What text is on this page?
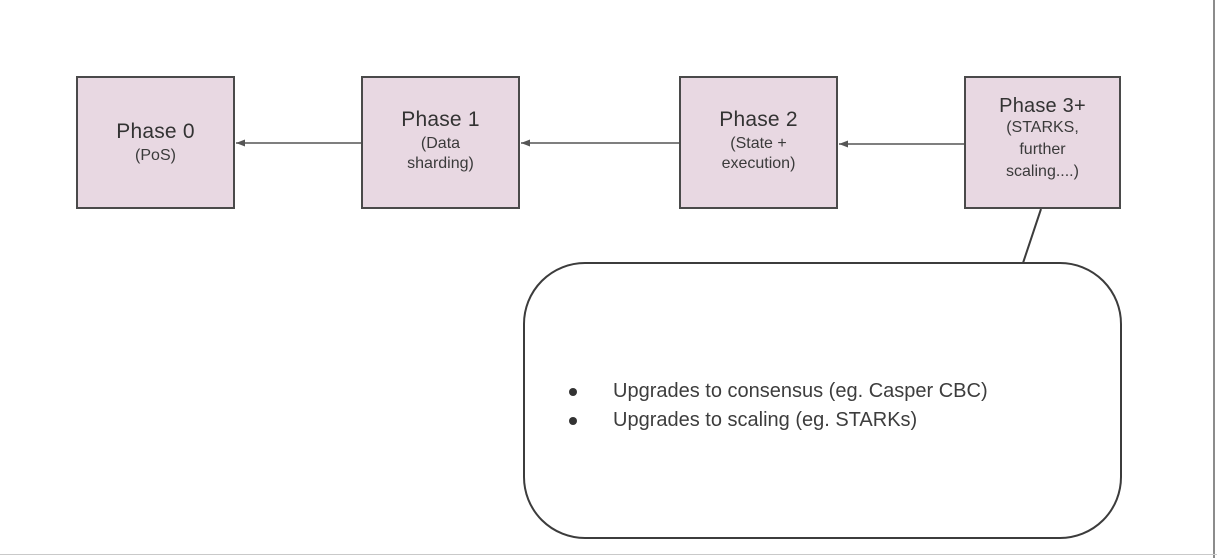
Phase 0
(PoS)
Phase 1
(Data
sharding)
Phase 2
(State +
execution)
Phase 3+
(STARKS,
further
scaling....)
Upgrades to consensus (eg. Casper CBC)
Upgrades to scaling (eg. STARKs)
